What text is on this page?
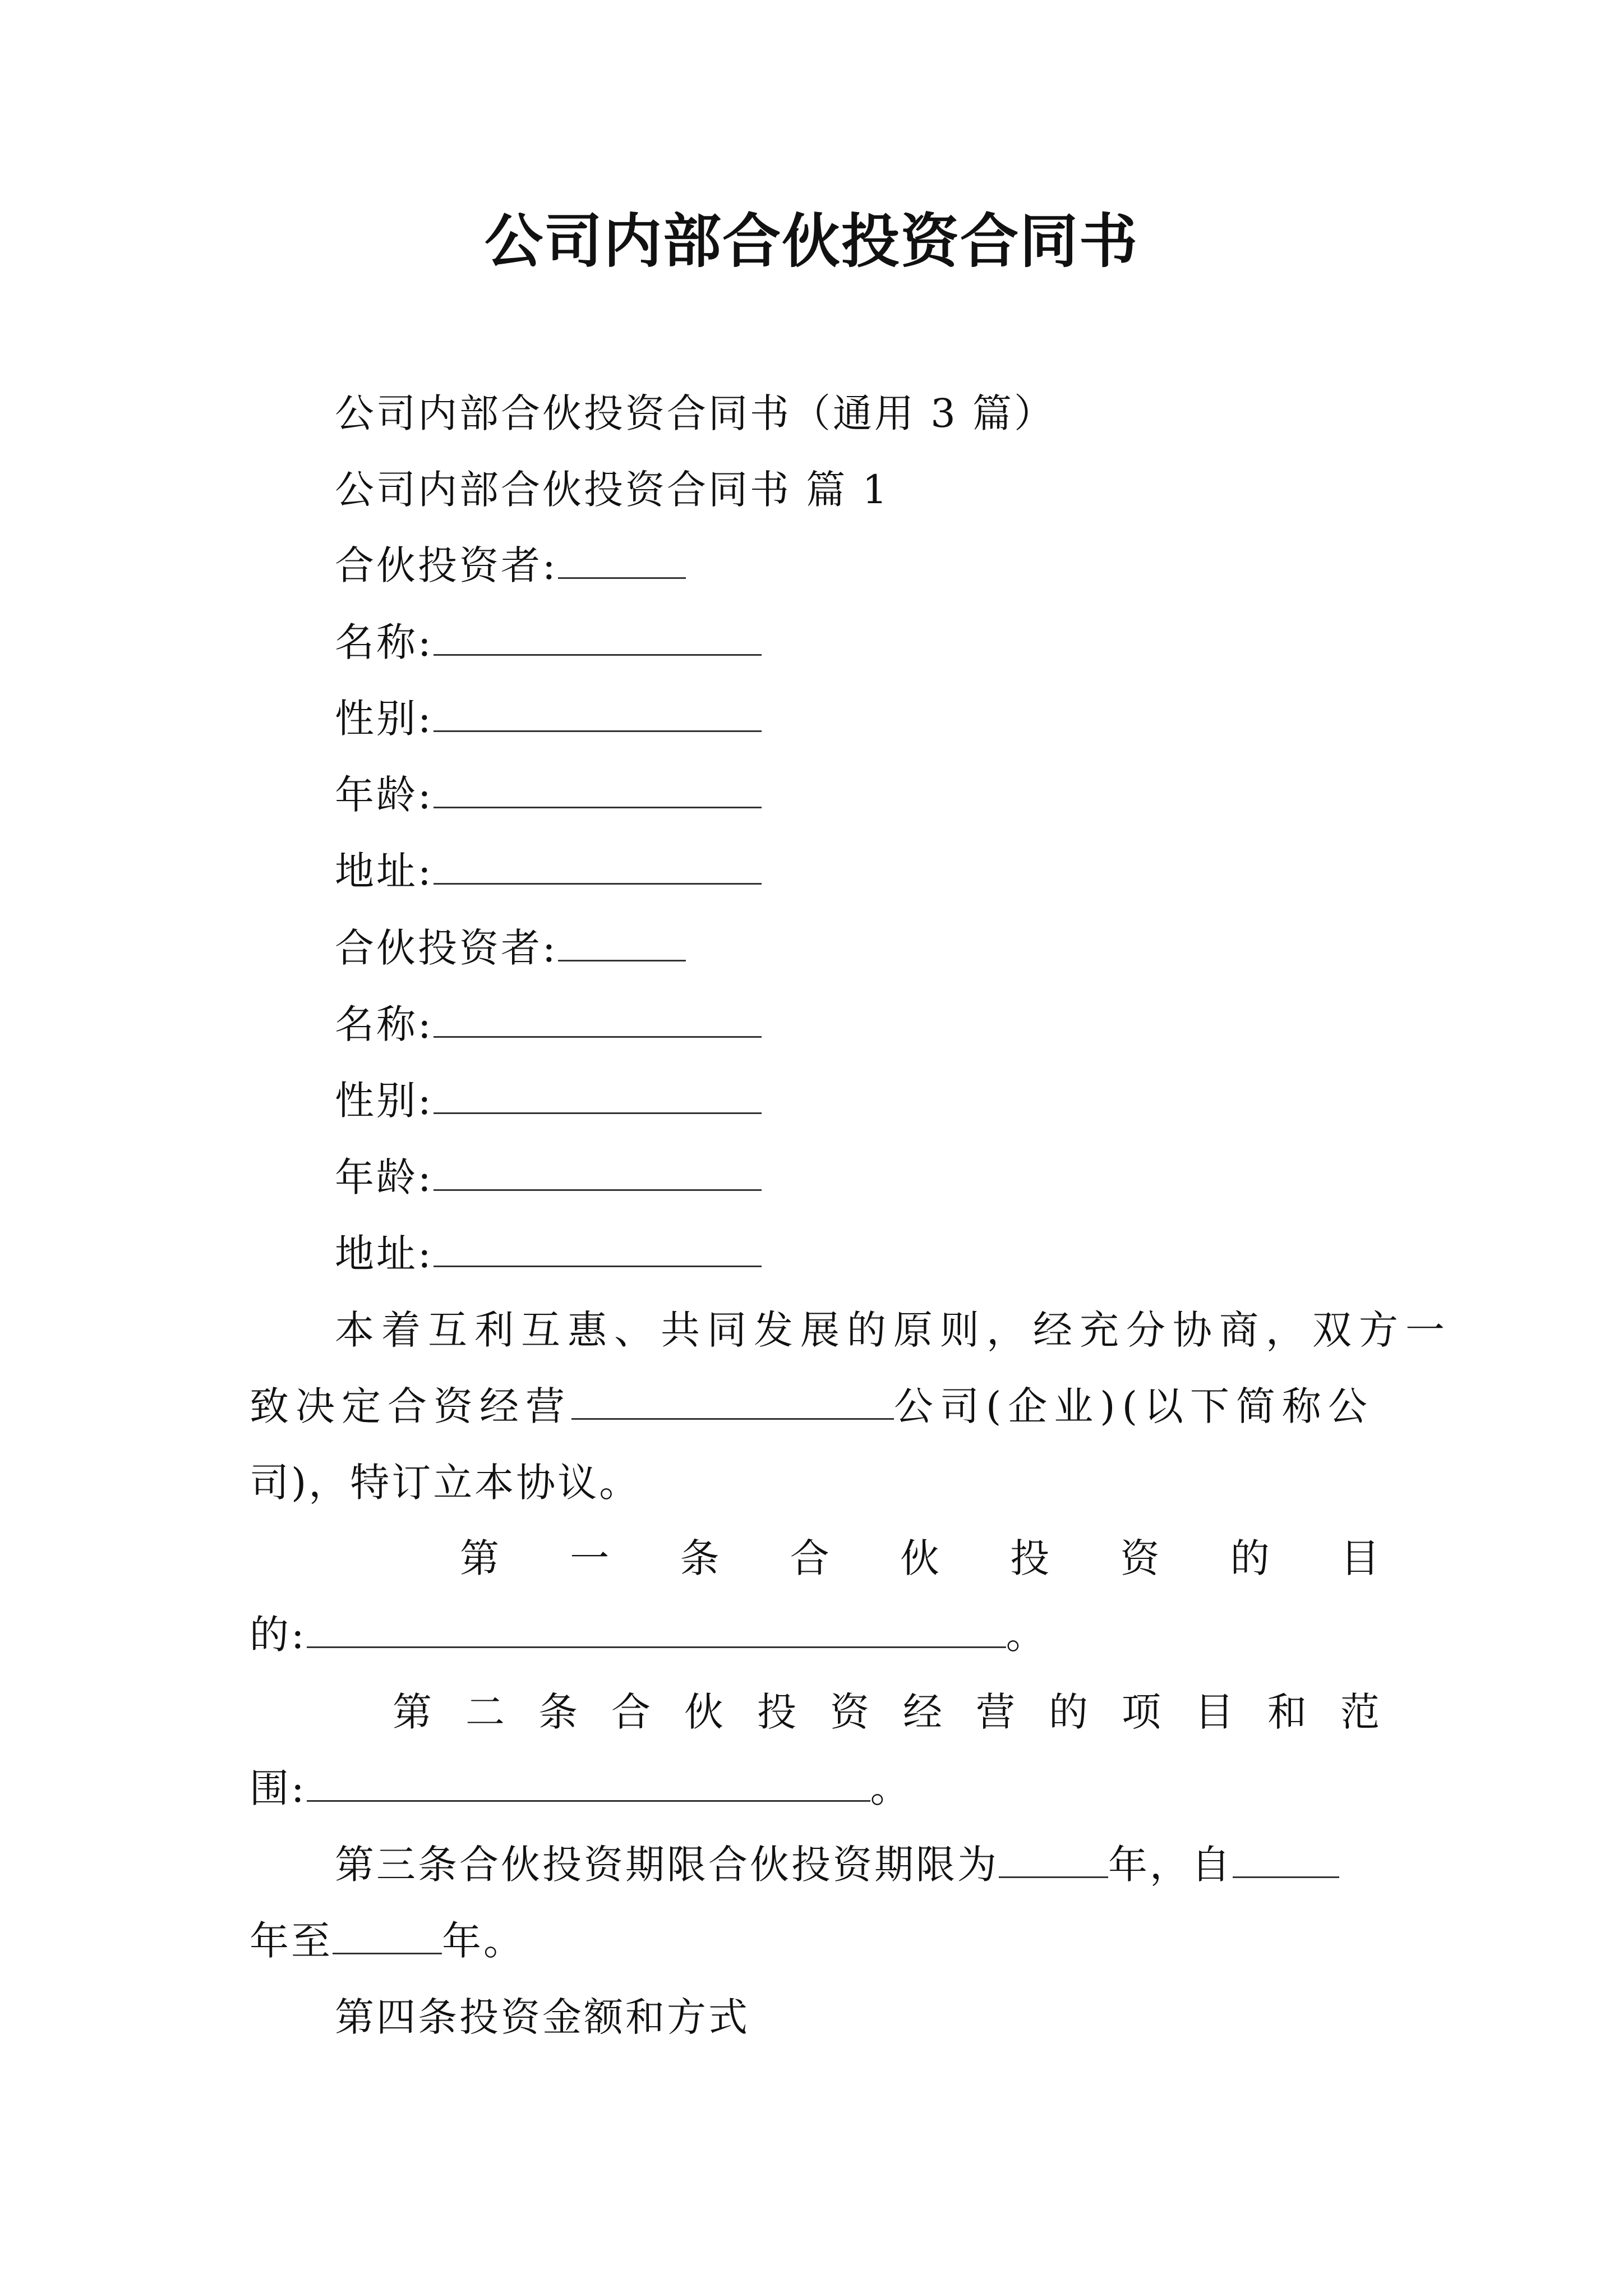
公司内部合伙投资合同书
公司内部合伙投资合同书（通用 3 篇）
公司内部合伙投资合同书 篇 1
合伙投资者:
名称:
性别:
年龄:
地址:
合伙投资者:
名称:
性别:
年龄:
地址:
本着互利互惠、共同发展的原则，经充分协商，双方一
致决定合资经营	公司(企业)(以下简称公
司)，特订立本协议。
第 一 条 合 伙 投 资 的 目
的:	。
第 二 条 合 伙 投 资 经 营 的 项 目 和 范
围:	。
第三条合伙投资期限合伙投资期限为	年，自
年至	年。
第四条投资金额和方式
